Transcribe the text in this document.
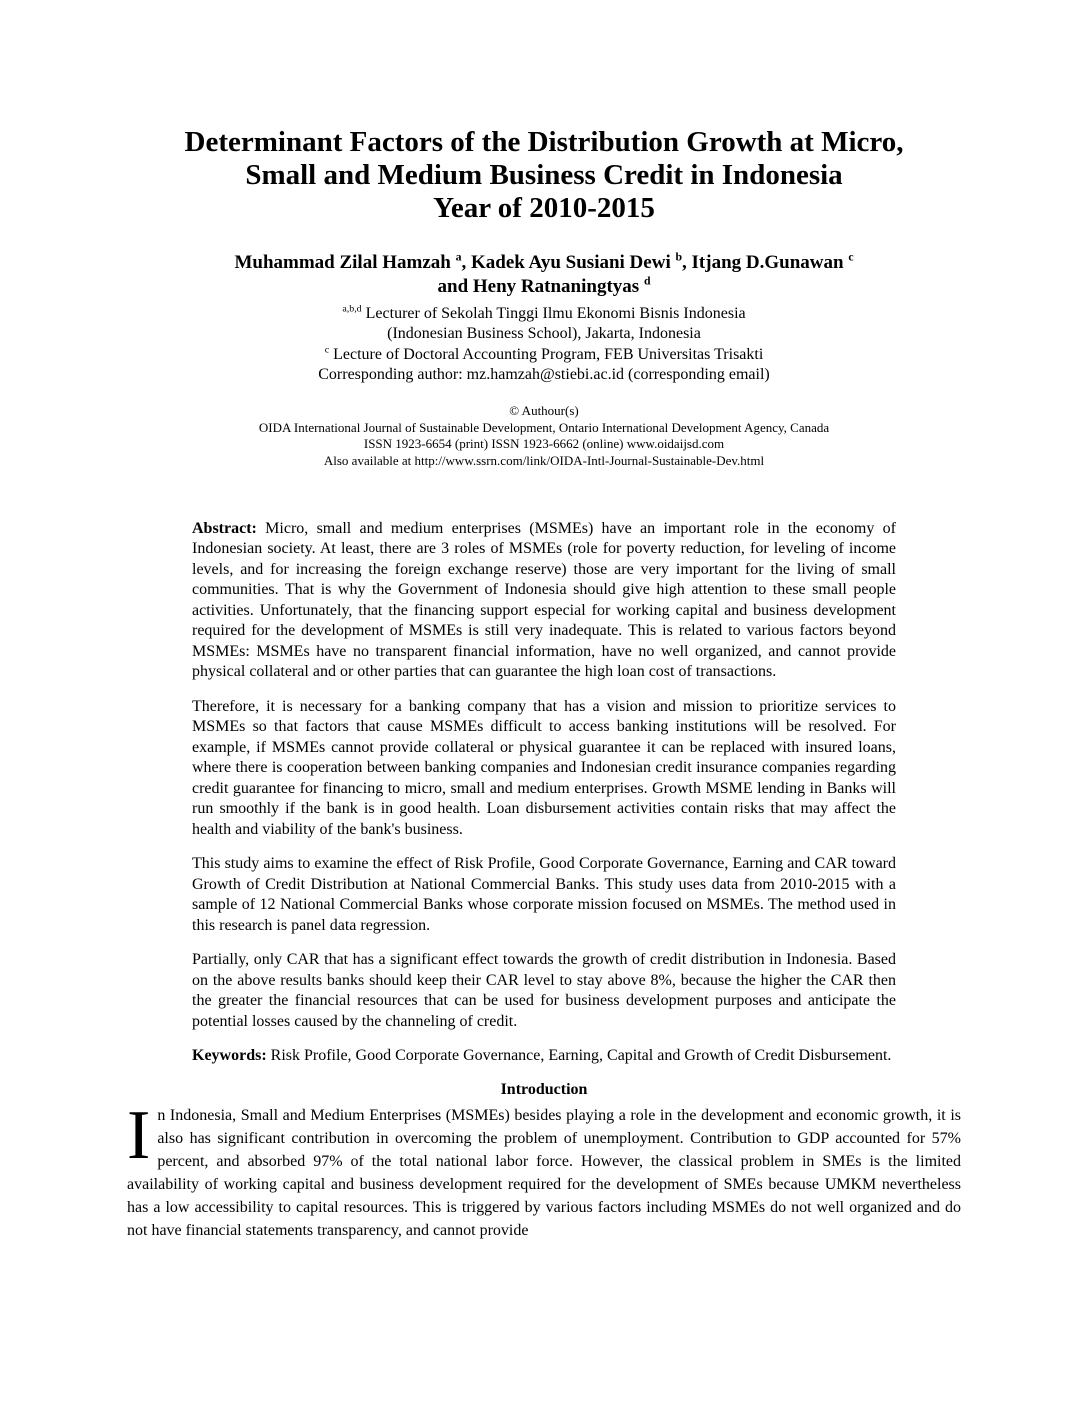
Determinant Factors of the Distribution Growth at Micro,
Small and Medium Business Credit in Indonesia
Year of 2010-2015
Muhammad Zilal Hamzah $^a$, Kadek Ayu Susiani Dewi $^b$, Itjang D.Gunawan $^c$
and Heny Ratnaningtyas $^d$
$^{a,b,d}$ Lecturer of Sekolah Tinggi Ilmu Ekonomi Bisnis Indonesia
(Indonesian Business School), Jakarta, Indonesia
$^c$ Lecture of Doctoral Accounting Program, FEB Universitas Trisakti
Corresponding author: mz.hamzah@stiebi.ac.id (corresponding email)
© Authour(s)
OIDA International Journal of Sustainable Development, Ontario International Development Agency, Canada
ISSN 1923-6654 (print) ISSN 1923-6662 (online) www.oidaijsd.com
Also available at http://www.ssrn.com/link/OIDA-Intl-Journal-Sustainable-Dev.html

Abstract: Micro, small and medium enterprises (MSMEs) have an important role in the economy of Indonesian society. At least, there are 3 roles of MSMEs (role for poverty reduction, for leveling of income levels, and for increasing the foreign exchange reserve) those are very important for the living of small communities. That is why the Government of Indonesia should give high attention to these small people activities. Unfortunately, that the financing support especial for working capital and business development required for the development of MSMEs is still very inadequate. This is related to various factors beyond MSMEs: MSMEs have no transparent financial information, have no well organized, and cannot provide physical collateral and or other parties that can guarantee the high loan cost of transactions.

Therefore, it is necessary for a banking company that has a vision and mission to prioritize services to MSMEs so that factors that cause MSMEs difficult to access banking institutions will be resolved. For example, if MSMEs cannot provide collateral or physical guarantee it can be replaced with insured loans, where there is cooperation between banking companies and Indonesian credit insurance companies regarding credit guarantee for financing to micro, small and medium enterprises. Growth MSME lending in Banks will run smoothly if the bank is in good health. Loan disbursement activities contain risks that may affect the health and viability of the bank's business.

This study aims to examine the effect of Risk Profile, Good Corporate Governance, Earning and CAR toward Growth of Credit Distribution at National Commercial Banks. This study uses data from 2010-2015 with a sample of 12 National Commercial Banks whose corporate mission focused on MSMEs. The method used in this research is panel data regression.

Partially, only CAR that has a significant effect towards the growth of credit distribution in Indonesia. Based on the above results banks should keep their CAR level to stay above 8%, because the higher the CAR then the greater the financial resources that can be used for business development purposes and anticipate the potential losses caused by the channeling of credit.

Keywords: Risk Profile, Good Corporate Governance, Earning, Capital and Growth of Credit Disbursement.

Introduction

In Indonesia, Small and Medium Enterprises (MSMEs) besides playing a role in the development and economic growth, it is also has significant contribution in overcoming the problem of unemployment. Contribution to GDP accounted for 57% percent, and absorbed 97% of the total national labor force. However, the classical problem in SMEs is the limited availability of working capital and business development required for the development of SMEs because UMKM nevertheless has a low accessibility to capital resources. This is triggered by various factors including MSMEs do not well organized and do not have financial statements transparency, and cannot provide
